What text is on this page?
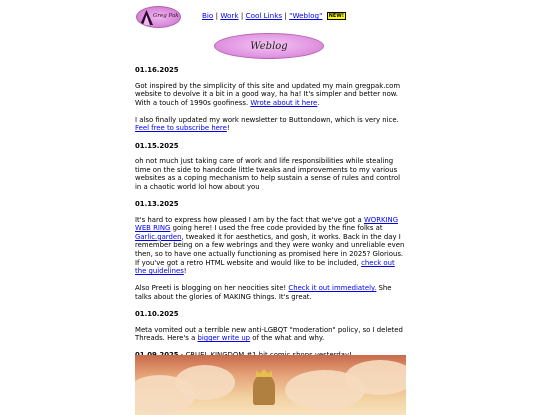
Greg Pak	Bio | Work | Cool Links | "Weblog" NEW!
Weblog
01.16.2025
Got inspired by the simplicity of this site and updated my main gregpak.com website to devolve it a bit in a good way, ha ha! It's simpler and better now. With a touch of 1990s goofiness. Wrote about it here.
I also finally updated my work newsletter to Buttondown, which is very nice. Feel free to subscribe here!
01.15.2025
oh not much just taking care of work and life responsibilities while stealing time on the side to handcode little tweaks and improvements to my various websites as a coping mechanism to help sustain a sense of rules and control in a chaotic world lol how about you
01.13.2025
It's hard to express how pleased I am by the fact that we've got a WORKING WEB RING going here! I used the free code provided by the fine folks at Garlic.garden, tweaked it for aesthetics, and gosh, it works. Back in the day I remember being on a few webrings and they were wonky and unreliable even then, so to have one actually functioning as promised here in 2025? Glorious. If you've got a retro HTML website and would like to be included, check out the guidelines!
Also Preeti is blogging on her neocities site! Check it out immediately. She talks about the glories of MAKING things. It's great.
01.10.2025
Meta vomited out a terrible new anti-LGBQT "moderation" policy, so I deleted Threads. Here's a bigger write up of the what and why.
